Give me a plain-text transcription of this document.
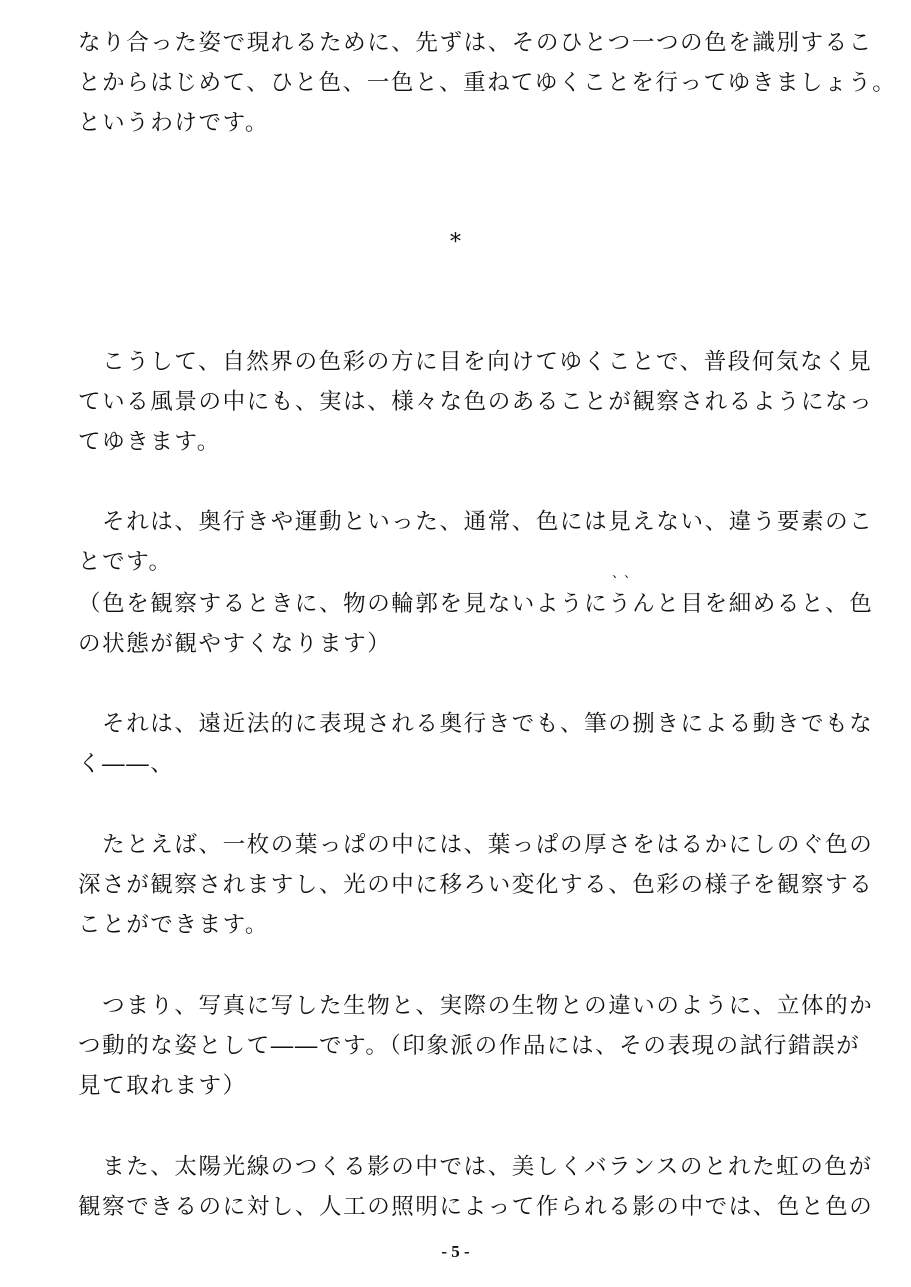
なり合った姿で現れるために、先ずは、そのひとつ一つの色を識別するこ
とからはじめて、ひと色、一色と、重ねてゆくことを行ってゆきましょう。
というわけです。
*
　こうして、自然界の色彩の方に目を向けてゆくことで、普段何気なく見
ている風景の中にも、実は、様々な色のあることが観察されるようになっ
てゆきます。
　それは、奥行きや運動といった、通常、色には見えない、違う要素のこ
とです。
（色を観察するときに、物の輪郭を見ないように、、 うんと目を細めると、色
の状態が観やすくなります）
　それは、遠近法的に表現される奥行きでも、筆の捌きによる動きでもな
く――、
　たとえば、一枚の葉っぱの中には、葉っぱの厚さをはるかにしのぐ色の
深さが観察されますし、光の中に移ろい変化する、色彩の様子を観察する
ことができます。
　つまり、写真に写した生物と、実際の生物との違いのように、立体的か
つ動的な姿として――です。（印象派の作品には、その表現の試行錯誤が
見て取れます）
　また、太陽光線のつくる影の中では、美しくバランスのとれた虹の色が
観察できるのに対し、人工の照明によって作られる影の中では、色と色の
- 5 -
